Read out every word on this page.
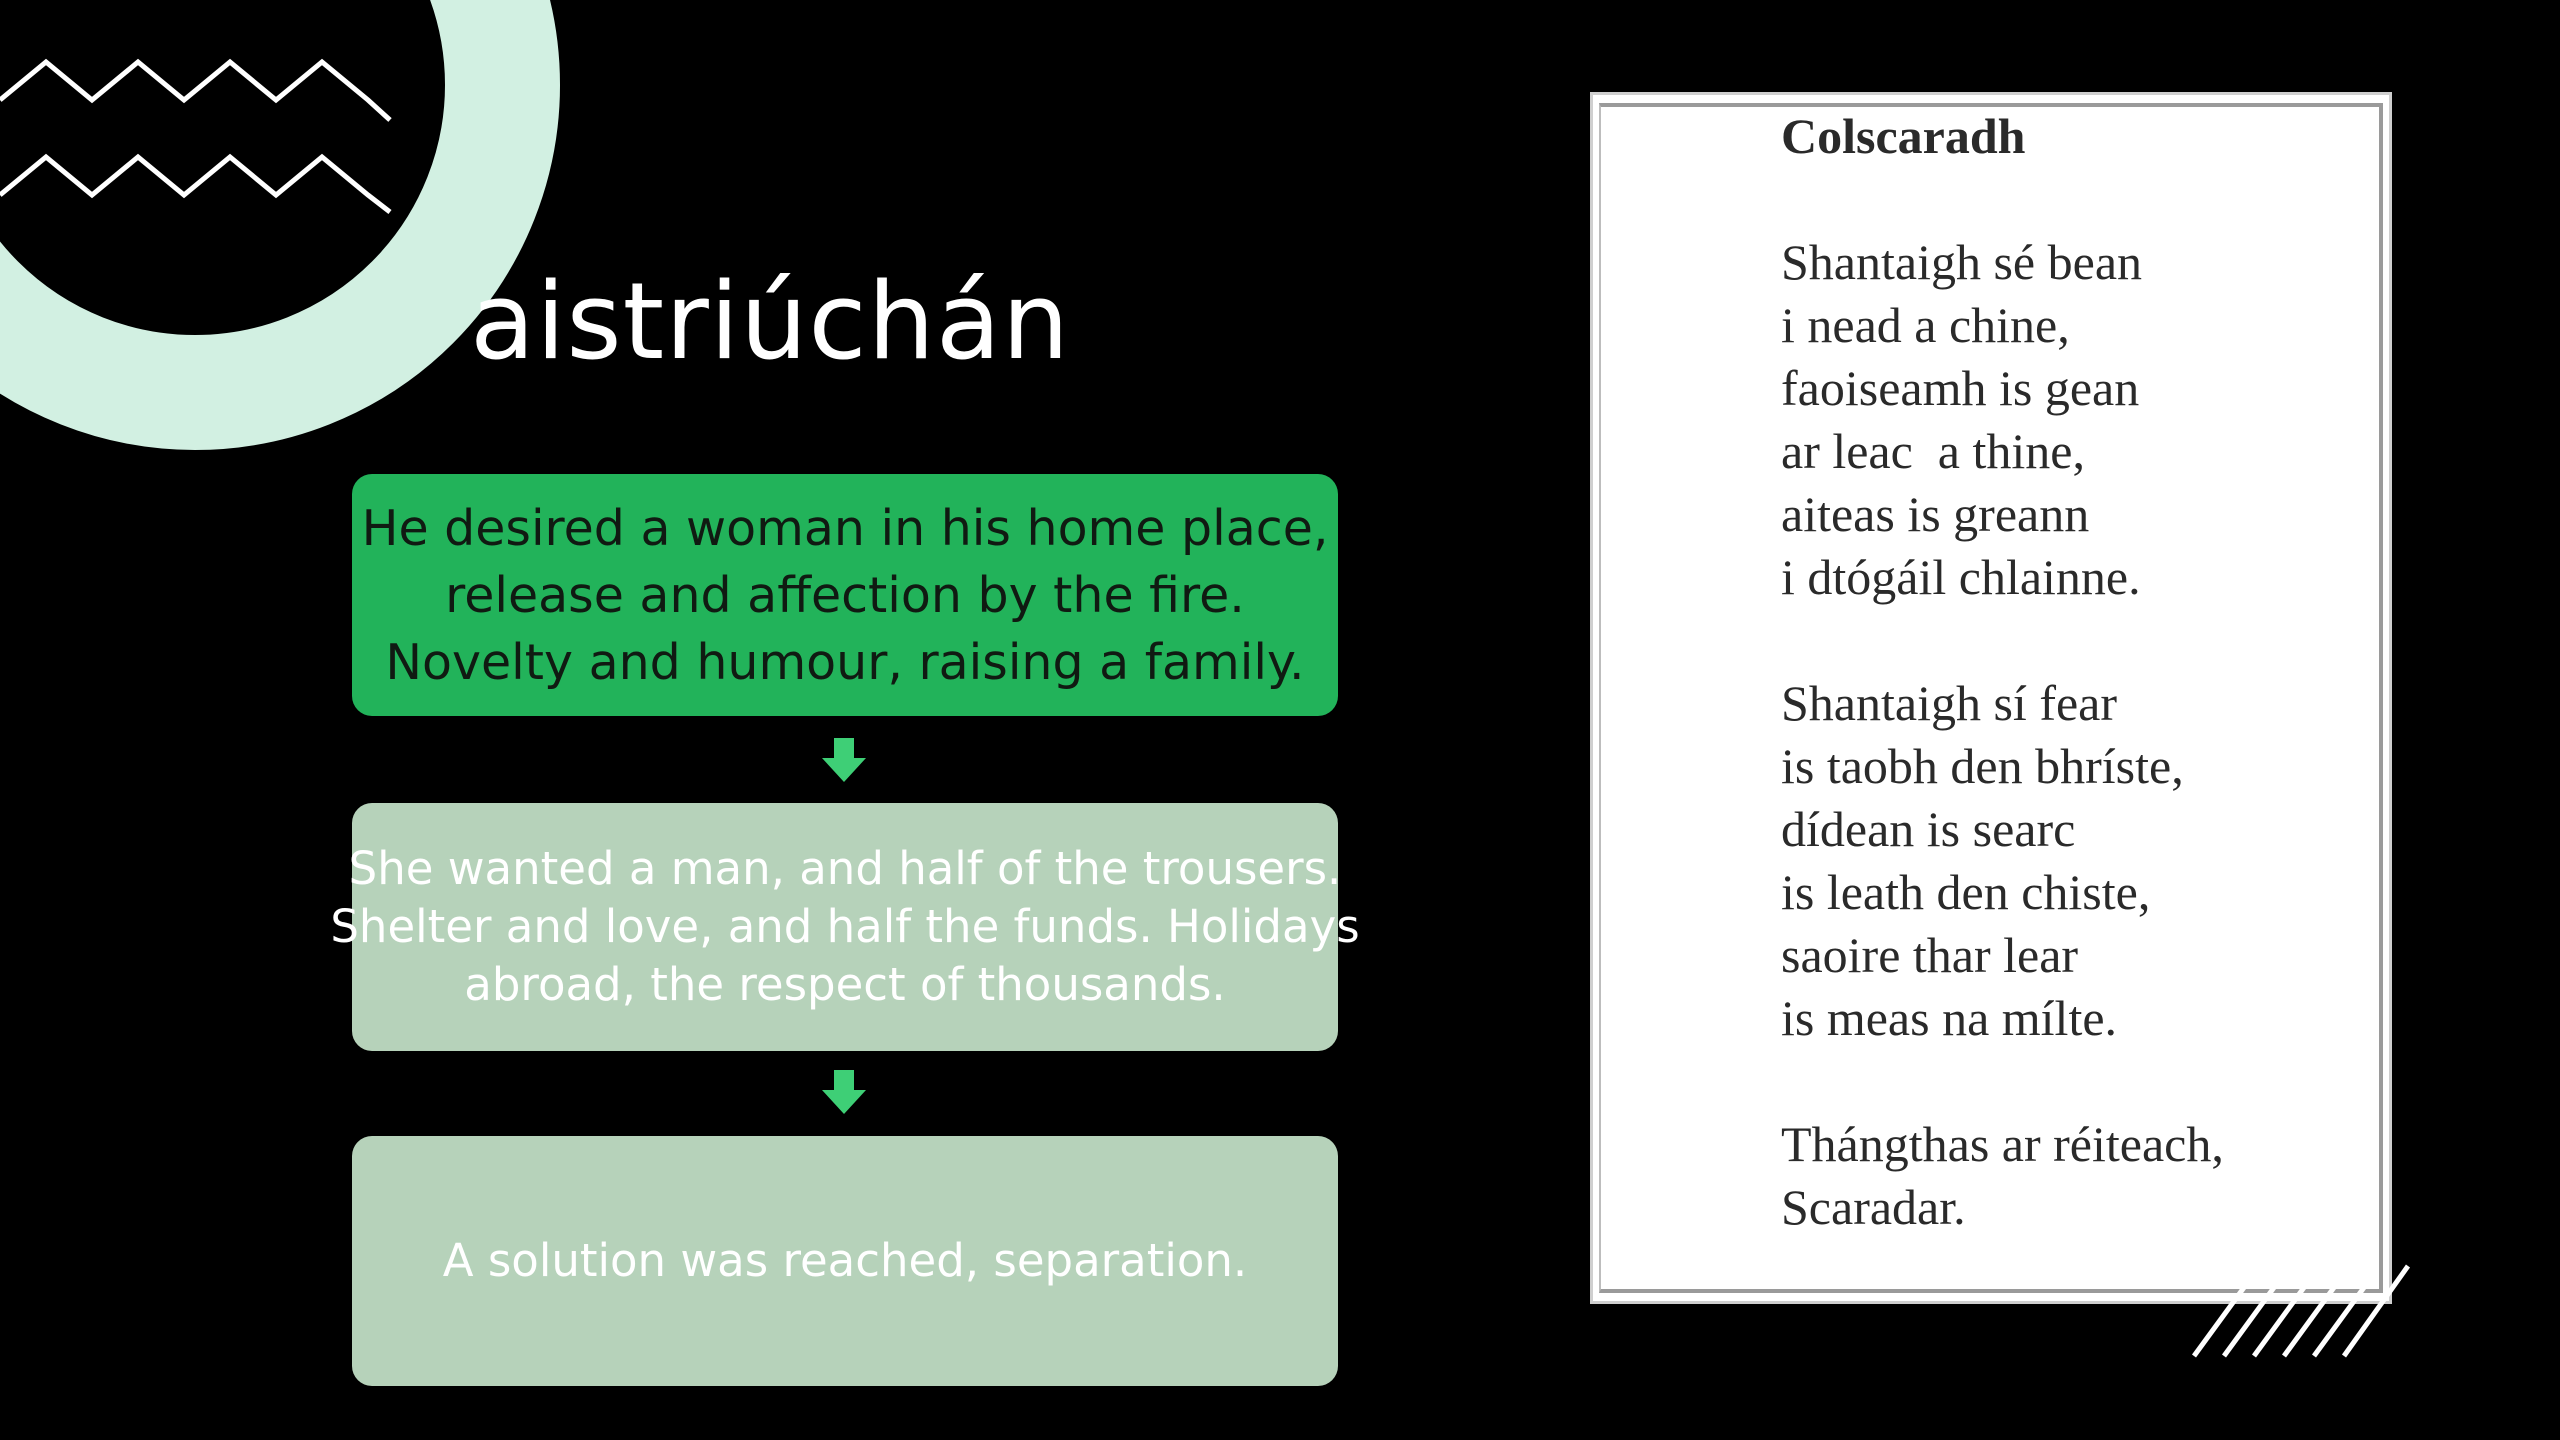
aistriúchán
He desired a woman in his home place,
release and affection by the fire.
Novelty and humour, raising a family.
She wanted a man, and half of the trousers.
Shelter and love, and half the funds. Holidays
abroad, the respect of thousands.
A solution was reached, separation.
Colscaradh
Shantaigh sé bean
i nead a chine,
faoiseamh is gean
ar leac  a thine,
aiteas is greann
i dtógáil chlainne.
Shantaigh sí fear
is taobh den bhríste,
dídean is searc
is leath den chiste,
saoire thar lear
is meas na mílte.
Thángthas ar réiteach,
Scaradar.
